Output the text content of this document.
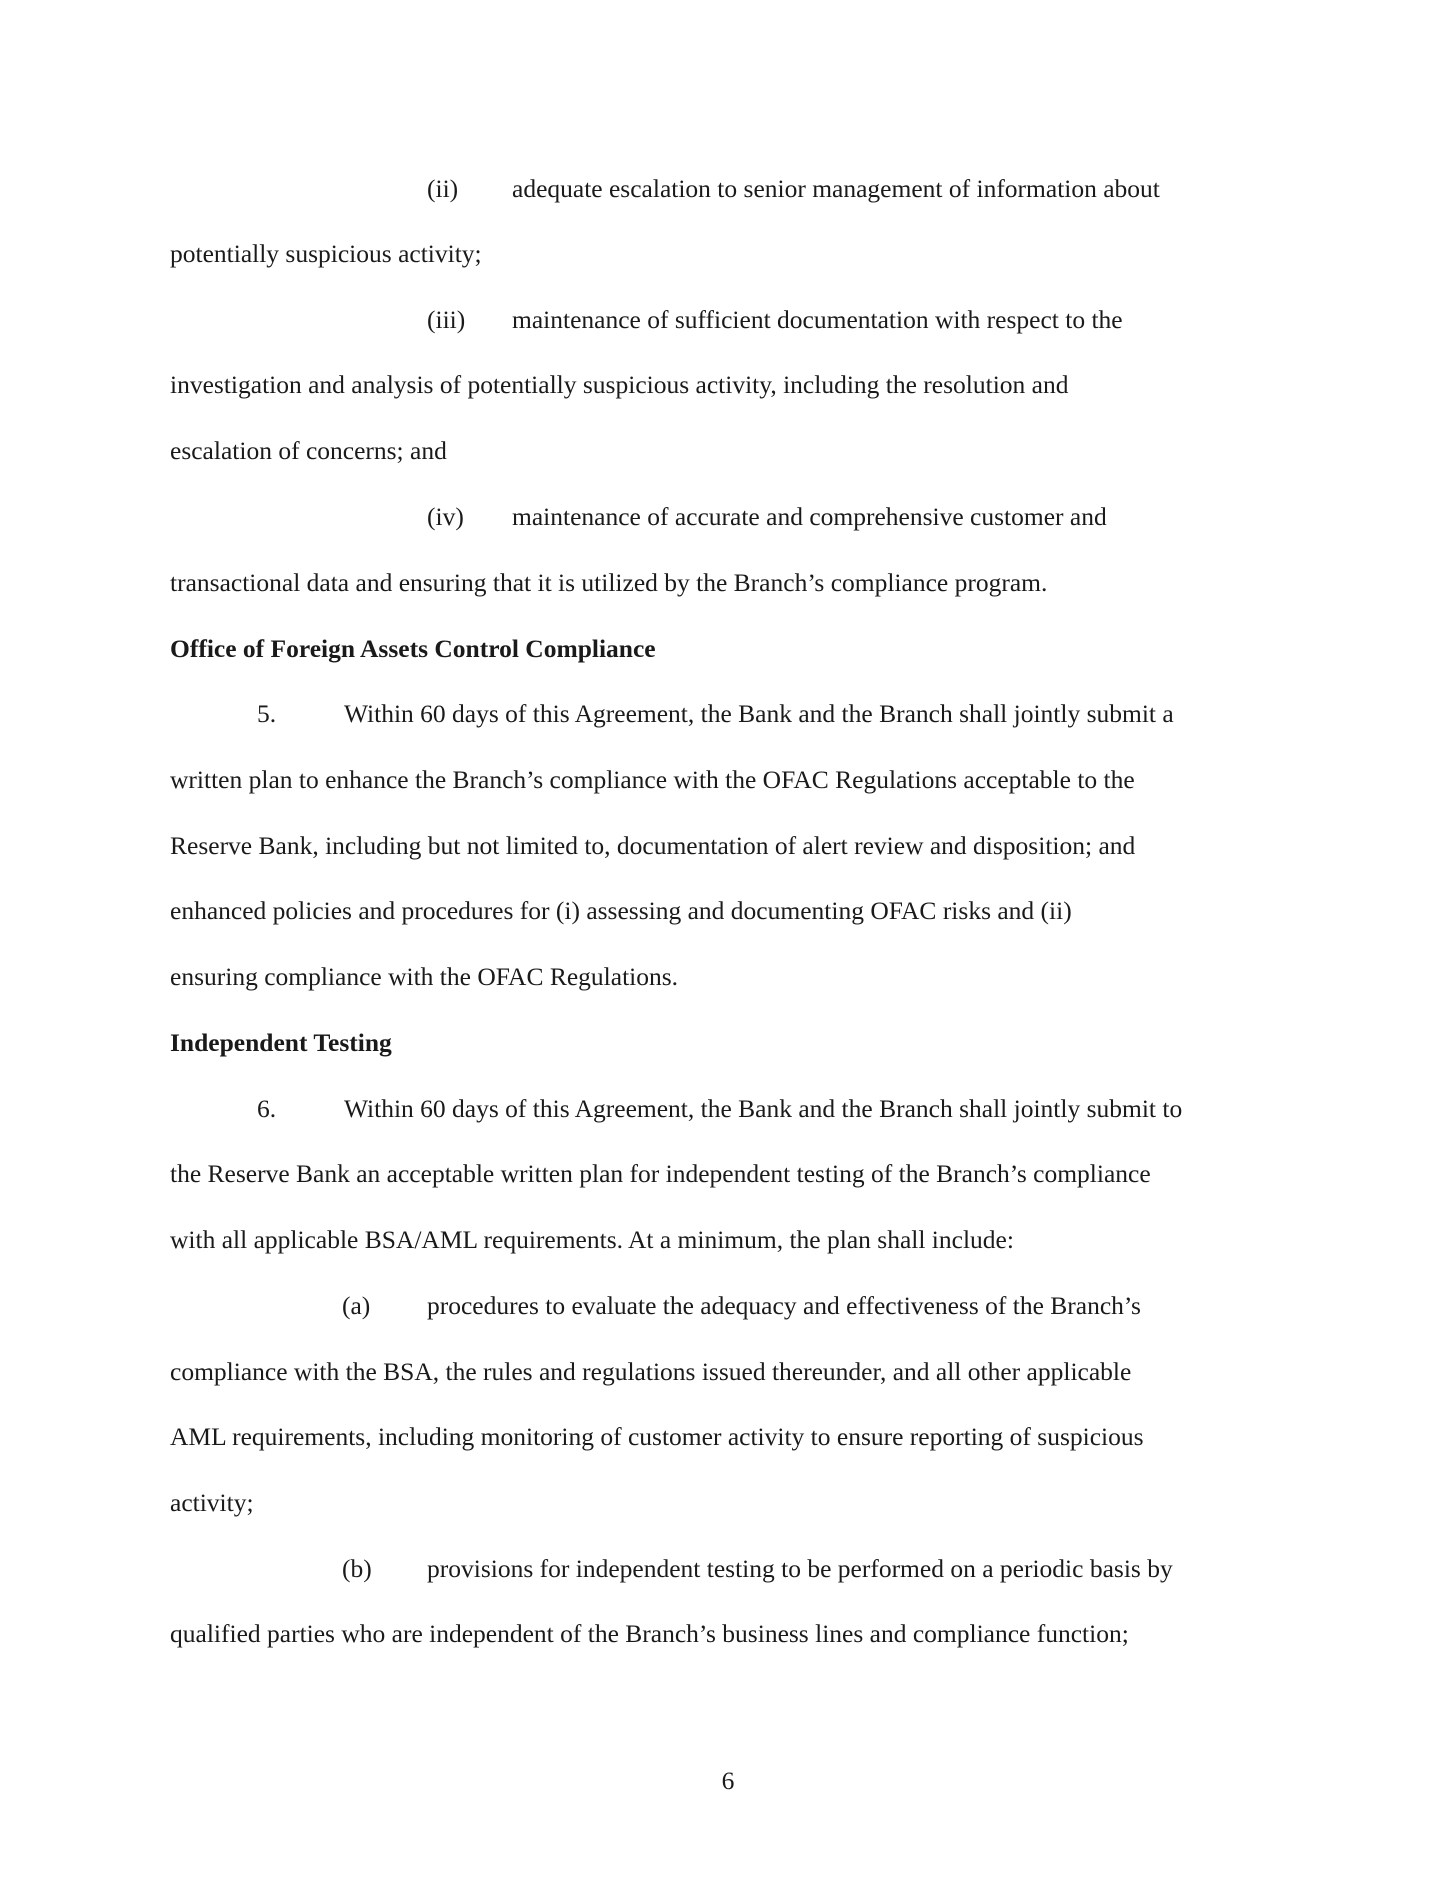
(ii) adequate escalation to senior management of information about
potentially suspicious activity;
(iii) maintenance of sufficient documentation with respect to the
investigation and analysis of potentially suspicious activity, including the resolution and
escalation of concerns; and
(iv) maintenance of accurate and comprehensive customer and
transactional data and ensuring that it is utilized by the Branch’s compliance program.
Office of Foreign Assets Control Compliance
5.	Within 60 days of this Agreement, the Bank and the Branch shall jointly submit a
written plan to enhance the Branch’s compliance with the OFAC Regulations acceptable to the
Reserve Bank, including but not limited to, documentation of alert review and disposition; and
enhanced policies and procedures for (i) assessing and documenting OFAC risks and (ii)
ensuring compliance with the OFAC Regulations.
Independent Testing
6.	Within 60 days of this Agreement, the Bank and the Branch shall jointly submit to
the Reserve Bank an acceptable written plan for independent testing of the Branch’s compliance
with all applicable BSA/AML requirements. At a minimum, the plan shall include:
(a) procedures to evaluate the adequacy and effectiveness of the Branch’s
compliance with the BSA, the rules and regulations issued thereunder, and all other applicable
AML requirements, including monitoring of customer activity to ensure reporting of suspicious
activity;
(b) provisions for independent testing to be performed on a periodic basis by
qualified parties who are independent of the Branch’s business lines and compliance function;
6
